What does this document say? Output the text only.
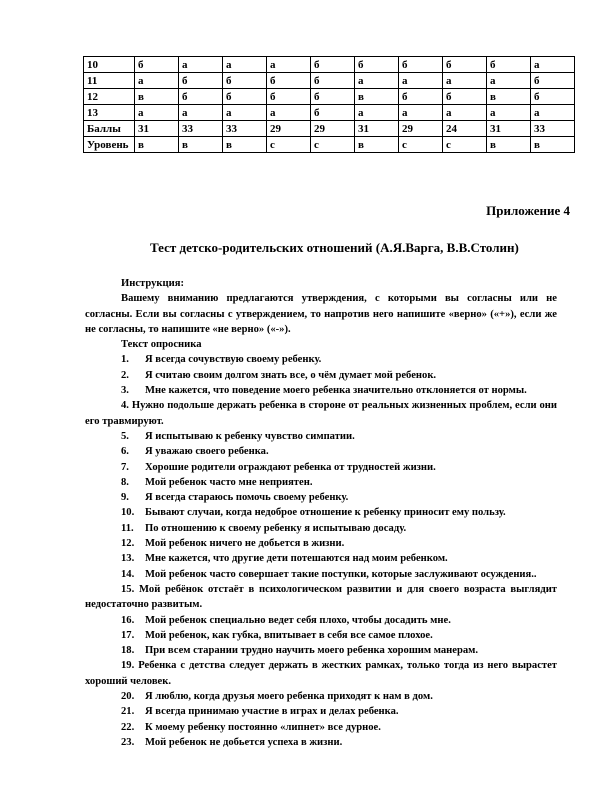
10	б	а	а	а	б	б	б	б	б	а
11	а	б	б	б	б	а	а	а	а	б
12	в	б	б	б	б	в	б	б	в	б
13	а	а	а	а	б	а	а	а	а	а
Баллы	31	33	33	29	29	31	29	24	31	33
Уровень	в	в	в	с	с	в	с	с	в	в
Приложение 4
Тест детско-родительских отношений (А.Я.Варга, В.В.Столин)

Инструкция:

Вашему вниманию предлагаются утверждения, с которыми вы согласны или не согласны. Если вы согласны с утверждением, то напротив него напишите «верно» («+»), если же не согласны, то напишите «не верно» («-»).

Текст опросника

1. Я всегда сочувствую своему ребенку.

2. Я считаю своим долгом знать все, о чём думает мой ребенок.

3. Мне кажется, что поведение моего ребенка значительно отклоняется от нормы.

4. Нужно подольше держать ребенка в стороне от реальных жизненных проблем, если они его травмируют.

5. Я испытываю к ребенку чувство симпатии.

6. Я уважаю своего ребенка.

7. Хорошие родители ограждают ребенка от трудностей жизни.

8. Мой ребенок часто мне неприятен.

9. Я всегда стараюсь помочь своему ребенку.

10. Бывают случаи, когда недоброе отношение к ребенку приносит ему пользу.

11. По отношению к своему ребенку я испытываю досаду.

12. Мой ребенок ничего не добьется в жизни.

13. Мне кажется, что другие дети потешаются над моим ребенком.

14. Мой ребенок часто совершает такие поступки, которые заслуживают осуждения..

15. Мой ребёнок отстаёт в психологическом развитии и для своего возраста выглядит недостаточно развитым.

16. Мой ребенок специально ведет себя плохо, чтобы досадить мне.

17. Мой ребенок, как губка, впитывает в себя все самое плохое.

18. При всем старании трудно научить моего ребенка хорошим манерам.

19. Ребенка с детства следует держать в жестких рамках, только тогда из него вырастет хороший человек.

20. Я люблю, когда друзья моего ребенка приходят к нам в дом.

21. Я всегда принимаю участие в играх и делах ребенка.

22. К моему ребенку постоянно «липнет» все дурное.

23. Мой ребенок не добьется успеха в жизни.
